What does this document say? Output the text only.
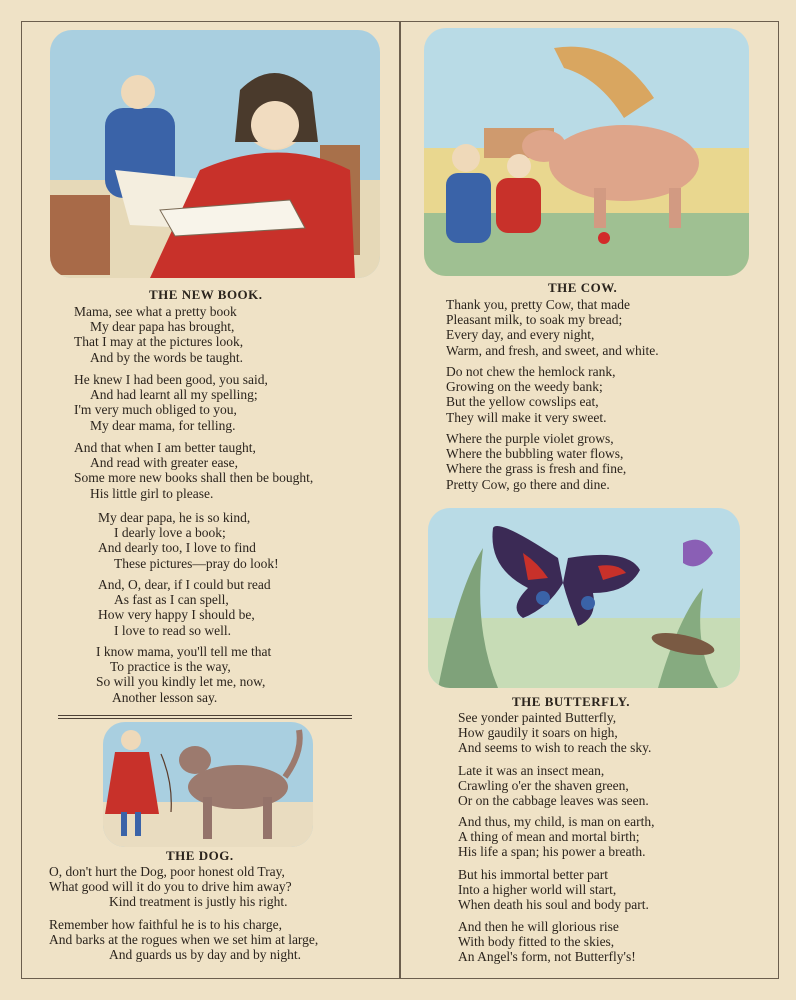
THE NEW BOOK.	THE COW.
THE BUTTERFLY.
THE DOG.
Mama, see what a pretty book
My dear papa has brought,
That I may at the pictures look,
And by the words be taught.
He knew I had been good, you said,
And had learnt all my spelling;
I'm very much obliged to you,
My dear mama, for telling.
And that when I am better taught,
And read with greater ease,
Some more new books shall then be bought,
His little girl to please.
My dear papa, he is so kind,
I dearly love a book;
And dearly too, I love to find
These pictures—pray do look!
And, O, dear, if I could but read
As fast as I can spell,
How very happy I should be,
I love to read so well.
I know mama, you'll tell me that
To practice is the way,
So will you kindly let me, now,
Another lesson say.
O, don't hurt the Dog, poor honest old Tray,
What good will it do you to drive him away?
Kind treatment is justly his right.
Remember how faithful he is to his charge,
And barks at the rogues when we set him at large,
And guards us by day and by night.
Thank you, pretty Cow, that made
Pleasant milk, to soak my bread;
Every day, and every night,
Warm, and fresh, and sweet, and white.
Do not chew the hemlock rank,
Growing on the weedy bank;
But the yellow cowslips eat,
They will make it very sweet.
Where the purple violet grows,
Where the bubbling water flows,
Where the grass is fresh and fine,
Pretty Cow, go there and dine.
See yonder painted Butterfly,
How gaudily it soars on high,
And seems to wish to reach the sky.
Late it was an insect mean,
Crawling o'er the shaven green,
Or on the cabbage leaves was seen.
And thus, my child, is man on earth,
A thing of mean and mortal birth;
His life a span; his power a breath.
But his immortal better part
Into a higher world will start,
When death his soul and body part.
And then he will glorious rise
With body fitted to the skies,
An Angel's form, not Butterfly's!
